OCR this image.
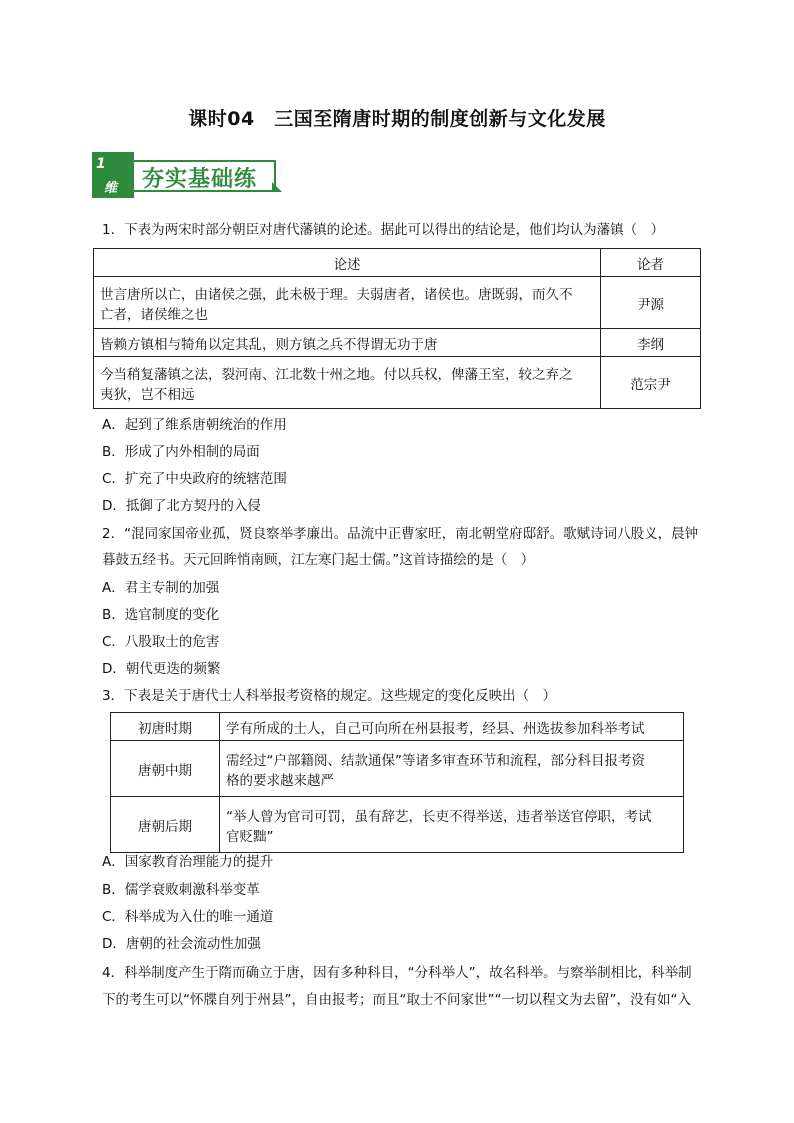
课时04　三国至隋唐时期的制度创新与文化发展
1
维 夯实基础练
1．下表为两宋时部分朝臣对唐代藩镇的论述。据此可以得出的结论是，他们均认为藩镇（　）
论述	论者

世言唐所以亡，由诸侯之强，此未极于理。夫弱唐者，诸侯也。唐既弱，而久不
亡者，诸侯维之也	尹源
皆赖方镇相与犄角以定其乱，则方镇之兵不得谓无功于唐	李纲

今当稍复藩镇之法，裂河南、江北数十州之地。付以兵权，俾藩王室，较之弃之
夷狄，岂不相远	范宗尹
A．起到了维系唐朝统治的作用
B．形成了内外相制的局面
C．扩充了中央政府的统辖范围
D．抵御了北方契丹的入侵
2．“混同家国帝业孤，贤良察举孝廉出。品流中正曹家旺，南北朝堂府邸舒。歌赋诗词八股义，晨钟
暮鼓五经书。天元回眸悄南顾，江左寒门起士儒。”这首诗描绘的是（　）
A．君主专制的加强
B．选官制度的变化
C．八股取士的危害
D．朝代更迭的频繁
3．下表是关于唐代士人科举报考资格的规定。这些规定的变化反映出（　）
初唐时期	学有所成的士人，自己可向所在州县报考，经县、州选拔参加科举考试
唐朝中期	需经过“户部籍阅、结款通保”等诸多审查环节和流程，部分科目报考资
格的要求越来越严

唐朝后期	“举人曾为官司可罚，虽有辞艺，长吏不得举送，违者举送官停职，考试
官贬黜”
A．国家教育治理能力的提升
B．儒学衰败刺激科举变革
C．科举成为入仕的唯一通道
D．唐朝的社会流动性加强
4．科举制度产生于隋而确立于唐，因有多种科目，“分科举人”，故名科举。与察举制相比，科举制
下的考生可以“怀牒自列于州县”，自由报考；而且“取士不问家世”“一切以程文为去留”，没有如“入
